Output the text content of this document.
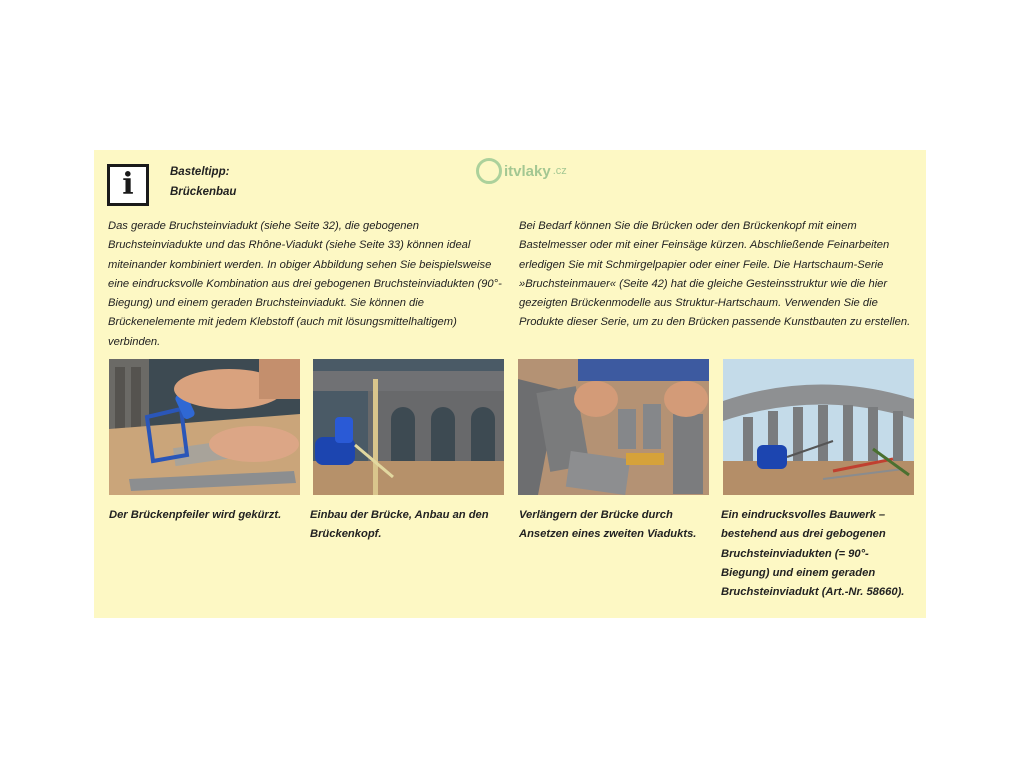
i	Basteltipp:
Brückenbau
itvlaky .cz

Das gerade Bruchsteinviadukt (siehe Seite 32), die gebogenen Bruchsteinviadukte und das Rhône-Viadukt (siehe Seite 33) können ideal miteinander kombiniert werden. In obiger Abbildung sehen Sie beispielsweise eine eindrucksvolle Kombination aus drei gebogenen Bruchsteinviadukten (90°-Biegung) und einem geraden Bruchsteinviadukt. Sie können die Brückenelemente mit jedem Klebstoff (auch mit lösungsmittelhaltigem) verbinden.

Bei Bedarf können Sie die Brücken oder den Brückenkopf mit einem Bastelmesser oder mit einer Feinsäge kürzen. Abschließende Feinarbeiten erledigen Sie mit Schmirgelpapier oder einer Feile. Die Hartschaum-Serie »Bruchsteinmauer« (Seite 42) hat die gleiche Gesteinsstruktur wie die hier gezeigten Brückenmodelle aus Struktur-Hartschaum. Verwenden Sie die Produkte dieser Serie, um zu den Brücken passende Kunstbauten zu erstellen.

Der Brückenpfeiler wird gekürzt.	Einbau der Brücke, Anbau an den Brückenkopf.

Verlängern der Brücke durch Ansetzen eines zweiten Viadukts.

Ein eindrucksvolles Bauwerk – bestehend aus drei gebogenen Bruchsteinviadukten (= 90°-Biegung) und einem geraden Bruchsteinviadukt (Art.-Nr. 58660).
